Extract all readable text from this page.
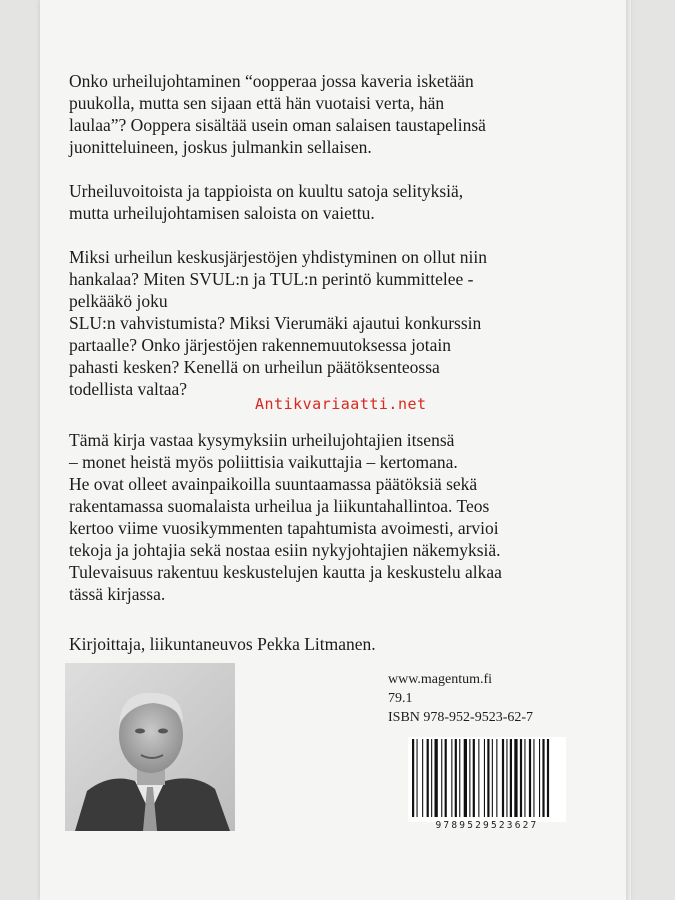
Onko urheilujohtaminen “oopperaa jossa kaveria isketään

puukolla, mutta sen sijaan että hän vuotaisi verta, hän

laulaa”? Ooppera sisältää usein oman salaisen taustapelinsä

juonitteluineen, joskus julmankin sellaisen.

Urheiluvoitoista ja tappioista on kuultu satoja selityksiä,

mutta urheilujohtamisen saloista on vaiettu.

Miksi urheilun keskusjärjestöjen yhdistyminen on ollut niin

hankalaa? Miten SVUL:n ja TUL:n perintö kummittelee -

pelkääkö joku

SLU:n vahvistumista? Miksi Vierumäki ajautui konkurssin

partaalle? Onko järjestöjen rakennemuutoksessa jotain

pahasti kesken? Kenellä on urheilun päätöksenteossa

todellista valtaa?

Tämä kirja vastaa kysymyksiin urheilujohtajien itsensä

– monet heistä myös poliittisia vaikuttajia – kertomana.

He ovat olleet avainpaikoilla suuntaamassa päätöksiä sekä

rakentamassa suomalaista urheilua ja liikuntahallintoa. Teos

kertoo viime vuosikymmenten tapahtumista avoimesti, arvioi

tekoja ja johtajia sekä nostaa esiin nykyjohtajien näkemyksiä.

Tulevaisuus rakentuu keskustelujen kautta ja keskustelu alkaa

tässä kirjassa.

Antikvariaatti.net
Kirjoittaja, liikuntaneuvos Pekka Litmanen.
www.magentum.fi
79.1
ISBN 978-952-9523-62-7
9789529523627
